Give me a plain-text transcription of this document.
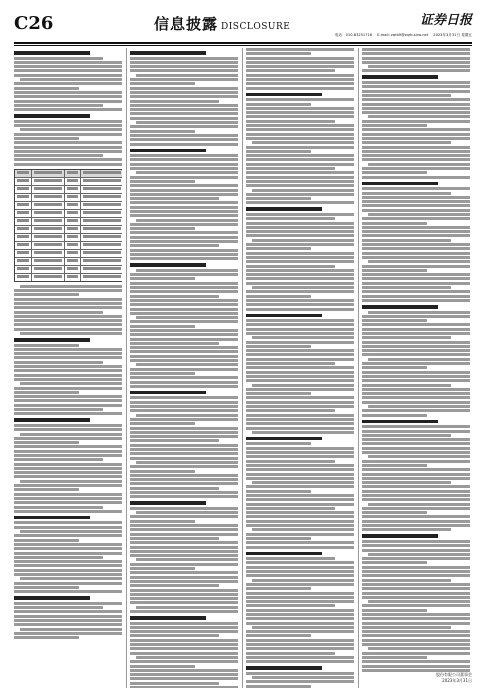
C26	信息披露 DISCLOSURE	证券日报
电话：010-83251716 E-mail: zqrb9@zqrb.sina.net 2023年3月31日 星期五
股份有限公司董事会
2023年3月31日
